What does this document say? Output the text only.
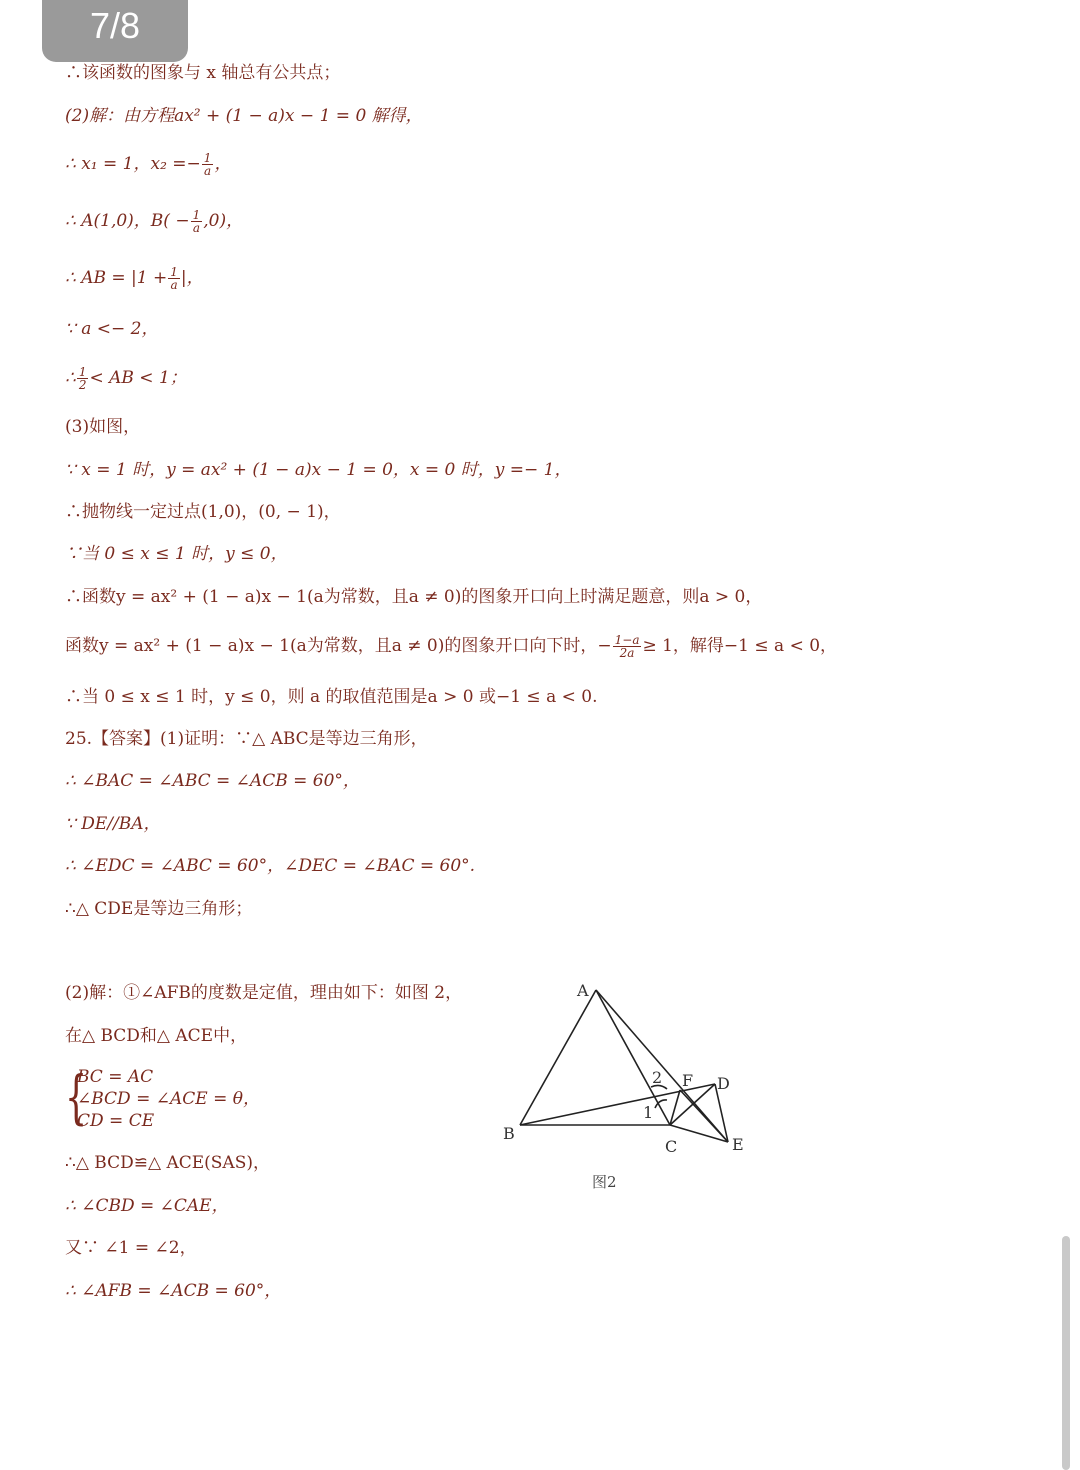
7/8
∴该函数的图象与 x 轴总有公共点；
(2)解：由方程ax² + (1 − a)x − 1 = 0 解得，
∴ x₁ = 1，$x_2 =- \frac{1}{a}$ ，
∴ A(1,0)，$B( - \frac{1}{a} ,0)$，
∴ AB = $|1 + \frac{1}{a}$ |，
∵ a <− 2，
∴ $\frac{1}{2}$ < AB < 1；
(3)如图，
∵ x = 1 时，y = ax² + (1 − a)x − 1 = 0，x = 0 时，y =− 1，
∴抛物线一定过点(1,0)，(0, − 1)，
∵当 0 ≤ x ≤ 1 时，y ≤ 0，
∴函数y = ax² + (1 − a)x − 1(a为常数，且a ≠ 0)的图象开口向上时满足题意，则a > 0，
函数y = ax² + (1 − a)x − 1(a为常数，且a ≠ 0)的图象开口向下时，− $\frac{1-a}{2a} \ge 1$，解得−1 ≤ a < 0，
∴当 0 ≤ x ≤ 1 时，y ≤ 0，则 a 的取值范围是a > 0 或−1 ≤ a < 0.
25.【答案】(1)证明：∵△ ABC是等边三角形，
∴ ∠BAC = ∠ABC = ∠ACB = 60°，
∵ DE//BA，
∴ ∠EDC = ∠ABC = 60°，∠DEC = ∠BAC = 60°.
∴△ CDE是等边三角形；
(2)解：①∠AFB的度数是定值，理由如下：如图 2，
在△ BCD和△ ACE中，
{
BC = AC
∠BCD = ∠ACE = θ，
CD = CE
∴△ BCD≌△ ACE(SAS)，
∴ ∠CBD = ∠CAE，
又∵ ∠1 = ∠2，
∴ ∠AFB = ∠ACB = 60°，
A
B
C
D
E
F
1
2
图2
